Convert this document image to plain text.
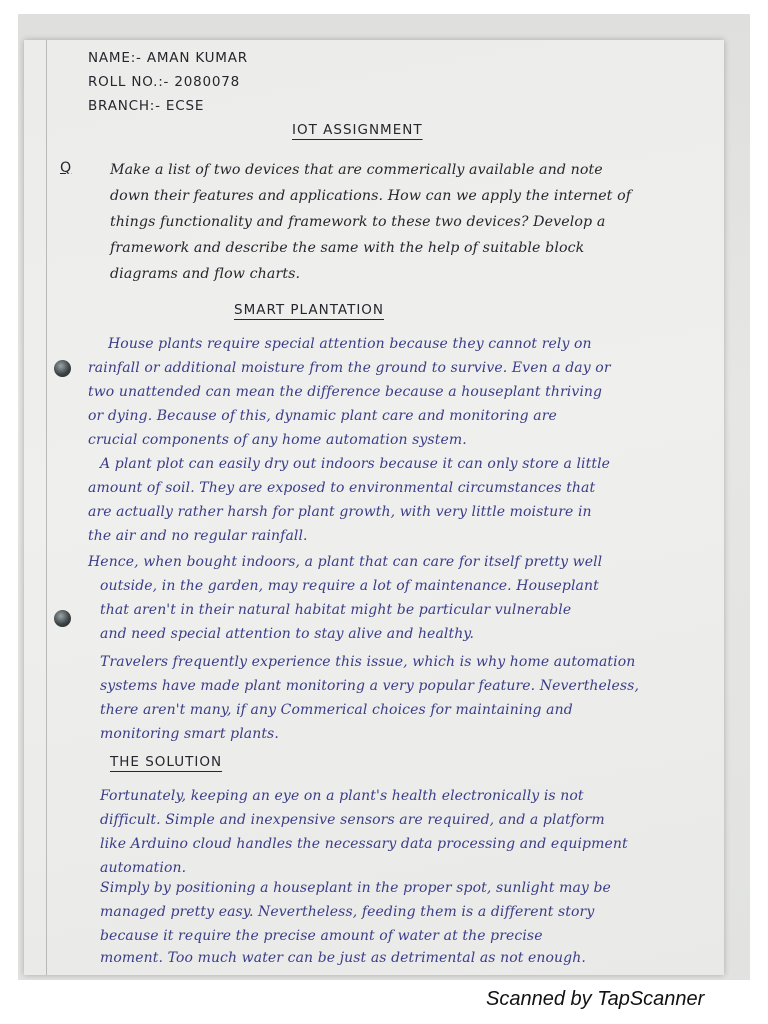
NAME:- AMAN KUMAR

ROLL NO.:- 2080078

BRANCH:- ECSE

IOT ASSIGNMENT

Q	Make a list of two devices that are commerically available and note

down their features and applications. How can we apply the internet of

things functionality and framework to these two devices? Develop a

framework and describe the same with the help of suitable block

diagrams and flow charts.

SMART PLANTATION

House plants require special attention because they cannot rely on

rainfall or additional moisture from the ground to survive. Even a day or

two unattended can mean the difference because a houseplant thriving

or dying. Because of this, dynamic plant care and monitoring are

crucial components of any home automation system.

A plant plot can easily dry out indoors because it can only store a little

amount of soil. They are exposed to environmental circumstances that

are actually rather harsh for plant growth, with very little moisture in

the air and no regular rainfall.

Hence, when bought indoors, a plant that can care for itself pretty well

outside, in the garden, may require a lot of maintenance. Houseplant

that aren't in their natural habitat might be particular vulnerable

and need special attention to stay alive and healthy.

Travelers frequently experience this issue, which is why home automation

systems have made plant monitoring a very popular feature. Nevertheless,

there aren't many, if any Commerical choices for maintaining and

monitoring smart plants.

THE SOLUTION

Fortunately, keeping an eye on a plant's health electronically is not

difficult. Simple and inexpensive sensors are required, and a platform

like Arduino cloud handles the necessary data processing and equipment

automation.

Simply by positioning a houseplant in the proper spot, sunlight may be

managed pretty easy. Nevertheless, feeding them is a different story

because it require the precise amount of water at the precise

moment. Too much water can be just as detrimental as not enough.

Scanned by TapScanner
